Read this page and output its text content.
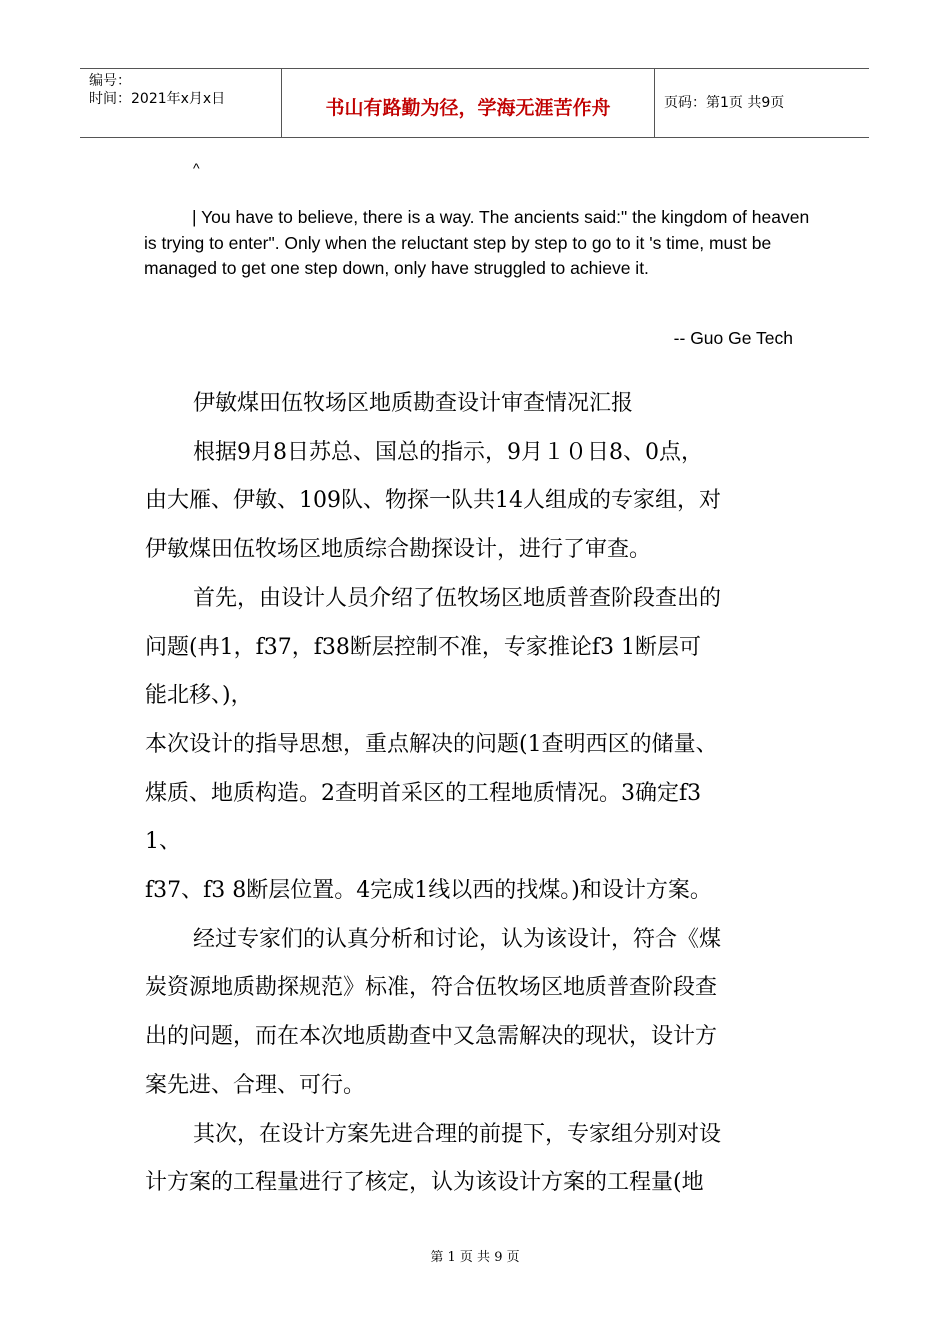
编号：
时间：2021年x月x日	书山有路勤为径，学海无涯苦作舟	页码：第1页 共9页
^
| You have to believe, there is a way. The ancients said:" the kingdom of heaven is trying to enter". Only when the reluctant step by step to go to it 's time, must be managed to get one step down, only have struggled to achieve it.
-- Guo Ge Tech

伊敏煤田伍牧场区地质勘查设计审查情况汇报

根据9月8日苏总、国总的指示，9月１０日8、0点，

由大雁、伊敏、109队、物探一队共14人组成的专家组，对

伊敏煤田伍牧场区地质综合勘探设计，进行了审查。

首先，由设计人员介绍了伍牧场区地质普查阶段查出的

问题(冉1，f37，f38断层控制不准，专家推论f3 1断层可

能北移、)，

本次设计的指导思想，重点解决的问题(1查明西区的储量、

煤质、地质构造。2查明首采区的工程地质情况。3确定f3

1、

f37、f3 8断层位置。4完成1线以西的找煤。)和设计方案。

经过专家们的认真分析和讨论，认为该设计，符合《煤

炭资源地质勘探规范》标准，符合伍牧场区地质普查阶段查

出的问题，而在本次地质勘查中又急需解决的现状，设计方

案先进、合理、可行。

其次，在设计方案先进合理的前提下，专家组分别对设

计方案的工程量进行了核定，认为该设计方案的工程量(地

第 1 页 共 9 页
